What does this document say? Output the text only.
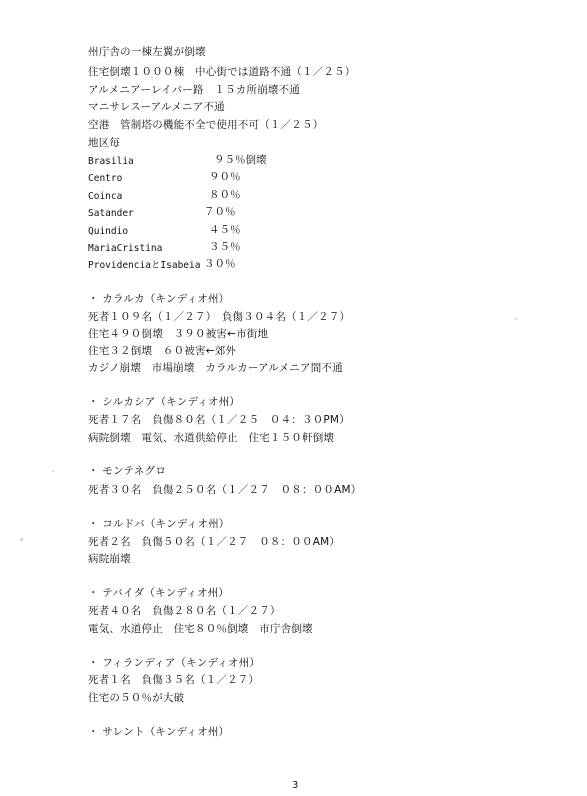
州庁舎の一棟左翼が倒壊
住宅倒壊１０００棟　中心街では道路不通（１／２５）
アルメニアーレイバー路　１５カ所崩壊不通
マニサレスーアルメニア不通
空港　管制塔の機能不全で使用不可（１／２５）
地区毎
Brasilia	９５％倒壊
Centro	９０％
Coinca	８０％
Satander	７０％
Quindio	４５％
MariaCristina	３５％
ProvidenciaとIsabeia ３０％
・ カラルカ（キンディオ州）
死者１０９名（１／２７）　負傷３０４名（１／２７）
住宅４９０倒壊　３９０被害←市街地
住宅３２倒壊　６０被害←郊外
カジノ崩壊　市場崩壊　カラルカーアルメニア間不通
・ シルカシア（キンディオ州）
死者１７名　負傷８０名（１／２５　０４：３０PM）
病院倒壊　電気、水道供給停止　住宅１５０軒倒壊
・ モンテネグロ
死者３０名　負傷２５０名（１／２７　０８：００AM）
・ コルドバ（キンディオ州）
死者２名　負傷５０名（１／２７　０８：００AM）
病院崩壊
・ テバイダ（キンディオ州）
死者４０名　負傷２８０名（１／２７）
電気、水道停止　住宅８０％倒壊　市庁舎倒壊
・ フィランディア（キンディオ州）
死者１名　負傷３５名（１／２７）
住宅の５０％が大破
・ サレント（キンディオ州）
3
